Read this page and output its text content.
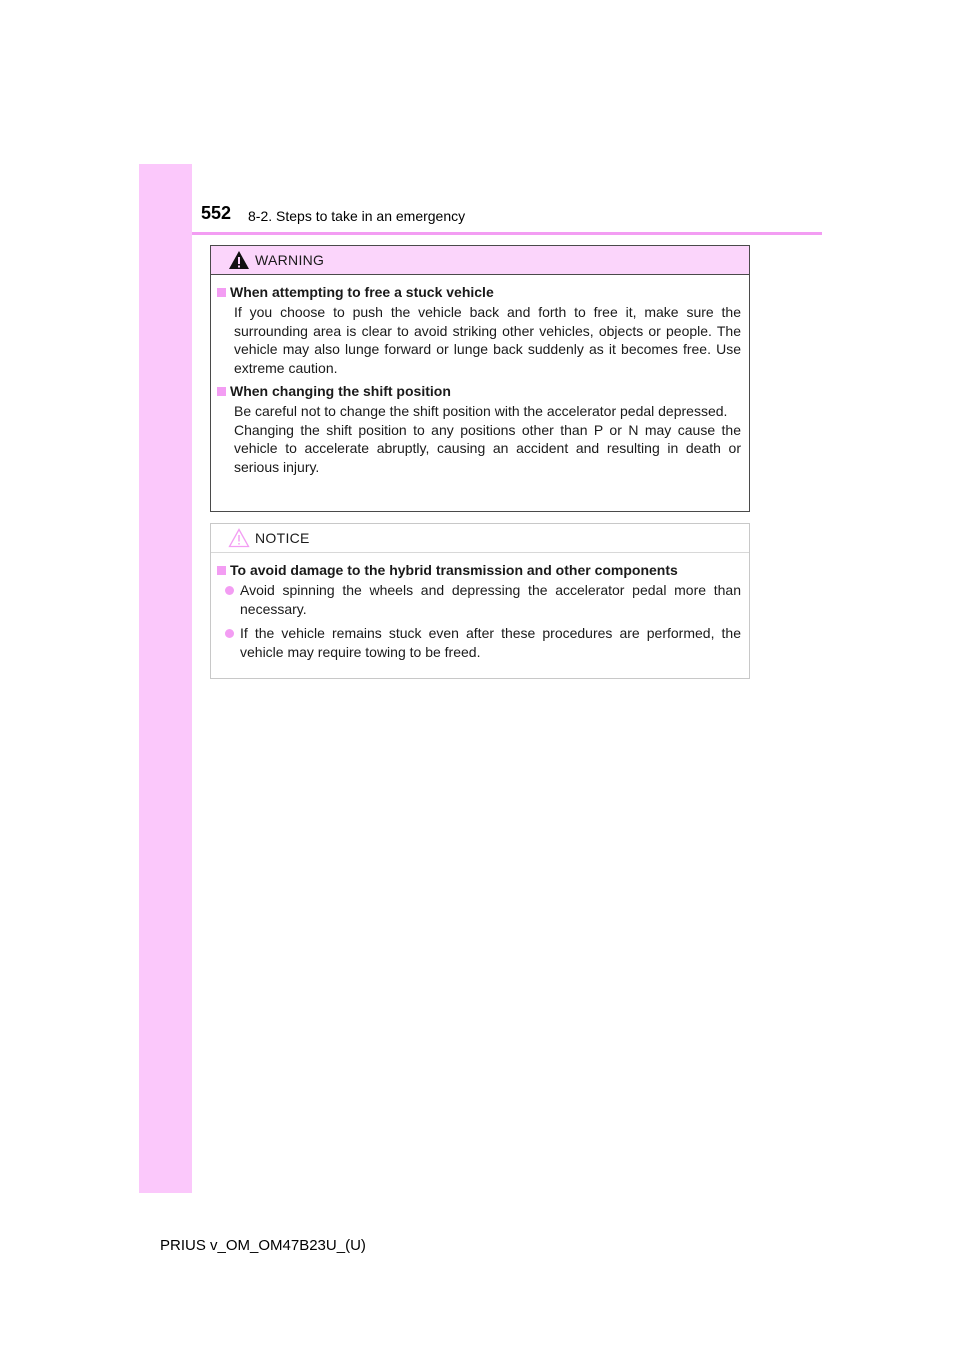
552 8-2. Steps to take in an emergency
WARNING
When attempting to free a stuck vehicle

If you choose to push the vehicle back and forth to free it, make sure the surrounding area is clear to avoid striking other vehicles, objects or people. The vehicle may also lunge forward or lunge back suddenly as it becomes free. Use extreme caution.

When changing the shift position

Be careful not to change the shift position with the accelerator pedal depressed.

Changing the shift position to any positions other than P or N may cause the vehicle to accelerate abruptly, causing an accident and resulting in death or serious injury.

NOTICE
To avoid damage to the hybrid transmission and other components
Avoid spinning the wheels and depressing the accelerator pedal more than necessary.
If the vehicle remains stuck even after these procedures are performed, the vehicle may require towing to be freed.
PRIUS v_OM_OM47B23U_(U)
